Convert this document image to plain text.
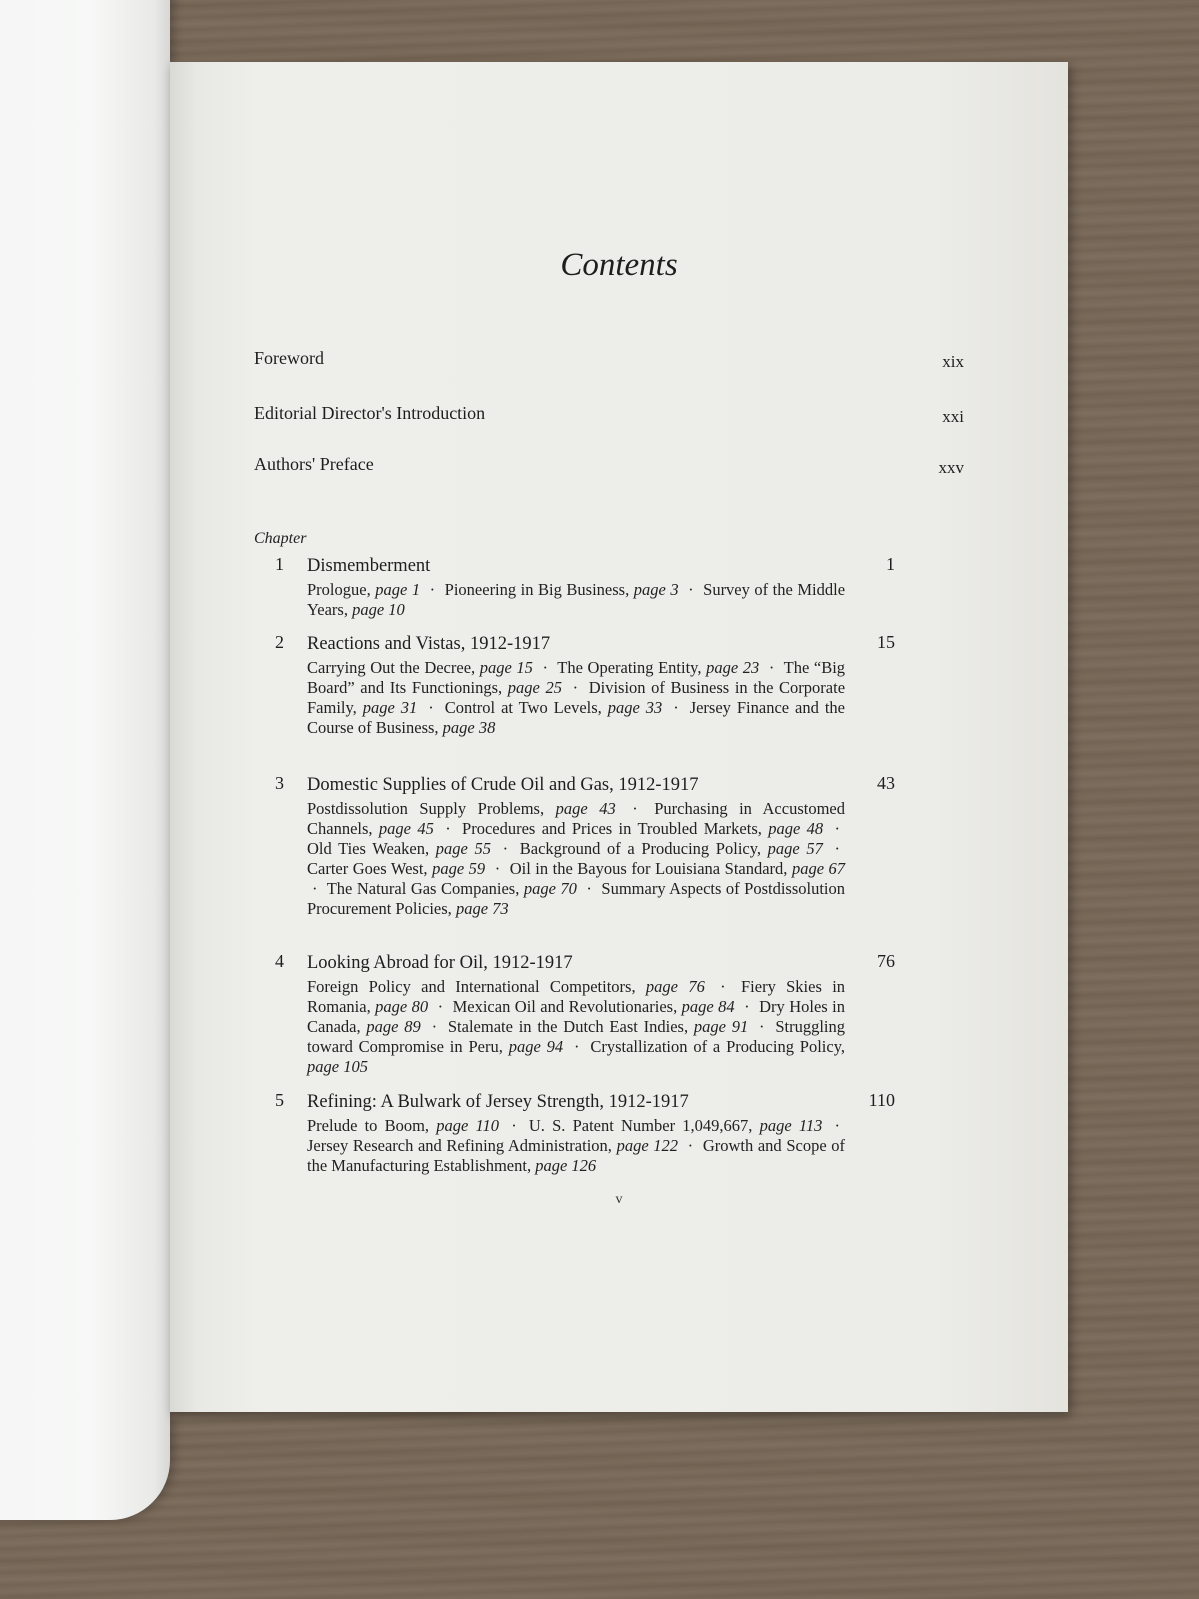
Contents
Foreword	xix
Editorial Director's Introduction	xxi
Authors' Preface	xxv
Chapter
1 Dismemberment	1
Prologue, page 1 · Pioneering in Big Business, page 3 · Survey of the Middle Years, page 10
2 Reactions and Vistas, 1912-1917	15
Carrying Out the Decree, page 15 · The Operating Entity, page 23 · The “Big Board” and Its Functionings, page 25 · Division of Business in the Corporate Family, page 31 · Control at Two Levels, page 33 · Jersey Finance and the Course of Business, page 38
3 Domestic Supplies of Crude Oil and Gas, 1912-1917	43
Postdissolution Supply Problems, page 43 · Purchasing in Accustomed Channels, page 45 · Procedures and Prices in Troubled Markets, page 48 · Old Ties Weaken, page 55 · Background of a Producing Policy, page 57 · Carter Goes West, page 59 · Oil in the Bayous for Louisiana Standard, page 67 · The Natural Gas Companies, page 70 · Summary Aspects of Postdissolution Procurement Policies, page 73
4 Looking Abroad for Oil, 1912-1917	76
Foreign Policy and International Competitors, page 76 · Fiery Skies in Romania, page 80 · Mexican Oil and Revolutionaries, page 84 · Dry Holes in Canada, page 89 · Stalemate in the Dutch East Indies, page 91 · Struggling toward Compromise in Peru, page 94 · Crystallization of a Producing Policy, page 105
5 Refining: A Bulwark of Jersey Strength, 1912-1917	110
Prelude to Boom, page 110 · U. S. Patent Number 1,049,667, page 113 · Jersey Research and Refining Administration, page 122 · Growth and Scope of the Manufacturing Establishment, page 126
v
